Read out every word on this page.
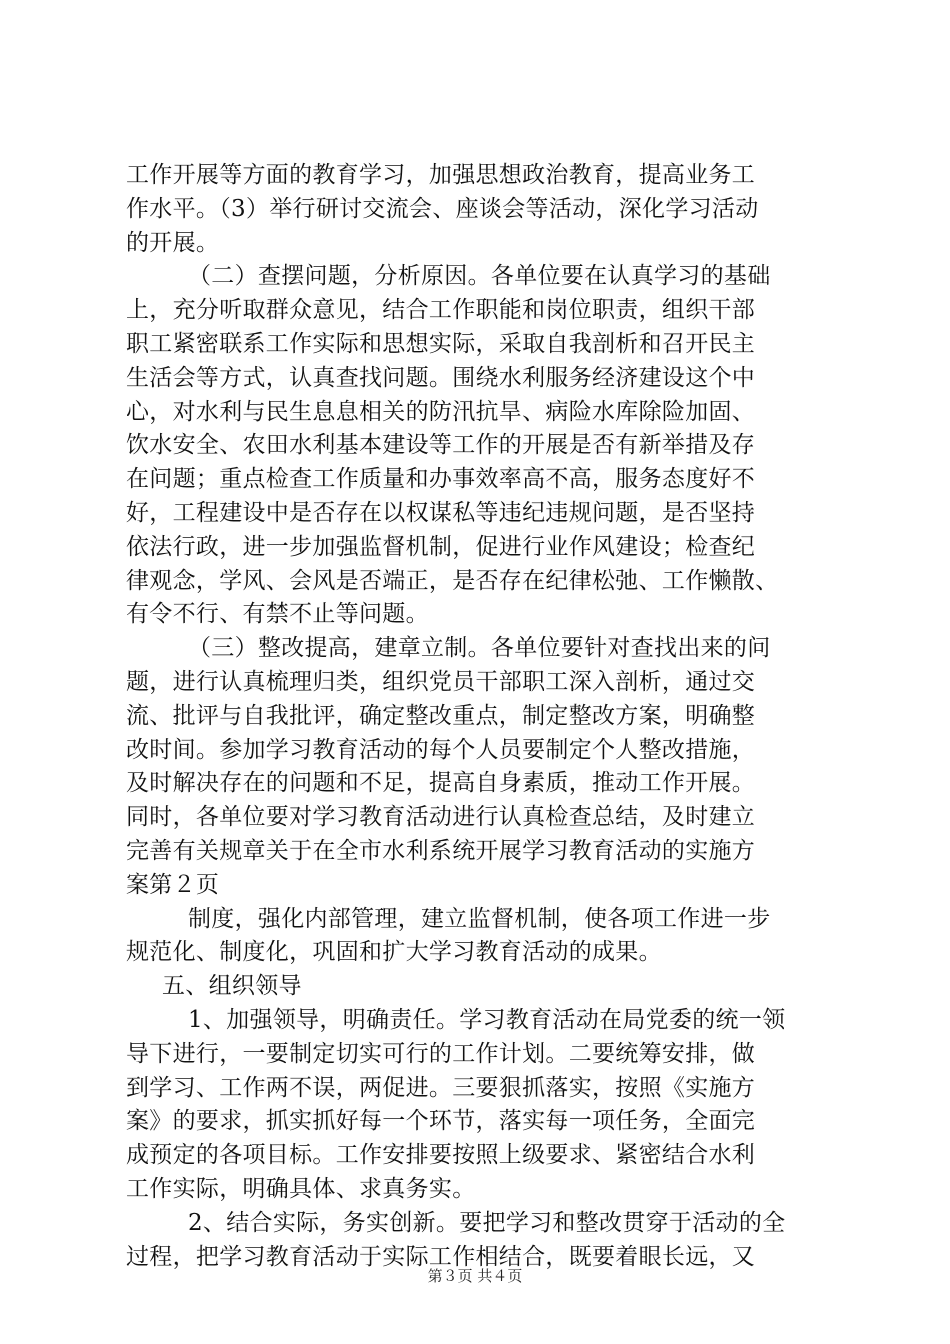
工作开展等方面的教育学习，加强思想政治教育，提高业务工
作水平。（3）举行研讨交流会、座谈会等活动，深化学习活动
的开展。
（二）查摆问题，分析原因。各单位要在认真学习的基础
上，充分听取群众意见，结合工作职能和岗位职责，组织干部
职工紧密联系工作实际和思想实际，采取自我剖析和召开民主
生活会等方式，认真查找问题。围绕水利服务经济建设这个中
心，对水利与民生息息相关的防汛抗旱、病险水库除险加固、
饮水安全、农田水利基本建设等工作的开展是否有新举措及存
在问题；重点检查工作质量和办事效率高不高，服务态度好不
好，工程建设中是否存在以权谋私等违纪违规问题，是否坚持
依法行政，进一步加强监督机制，促进行业作风建设；检查纪
律观念，学风、会风是否端正，是否存在纪律松弛、工作懒散、
有令不行、有禁不止等问题。
（三）整改提高，建章立制。各单位要针对查找出来的问
题，进行认真梳理归类，组织党员干部职工深入剖析，通过交
流、批评与自我批评，确定整改重点，制定整改方案，明确整
改时间。参加学习教育活动的每个人员要制定个人整改措施，
及时解决存在的问题和不足，提高自身素质，推动工作开展。
同时，各单位要对学习教育活动进行认真检查总结，及时建立
完善有关规章关于在全市水利系统开展学习教育活动的实施方
案第２页
制度，强化内部管理，建立监督机制，使各项工作进一步
规范化、制度化，巩固和扩大学习教育活动的成果。
五、组织领导
1、加强领导，明确责任。学习教育活动在局党委的统一领
导下进行，一要制定切实可行的工作计划。二要统筹安排，做
到学习、工作两不误，两促进。三要狠抓落实，按照《实施方
案》的要求，抓实抓好每一个环节，落实每一项任务，全面完
成预定的各项目标。工作安排要按照上级要求、紧密结合水利
工作实际，明确具体、求真务实。
2、结合实际，务实创新。要把学习和整改贯穿于活动的全
过程，把学习教育活动于实际工作相结合，既要着眼长远，又
第３页 共４页
